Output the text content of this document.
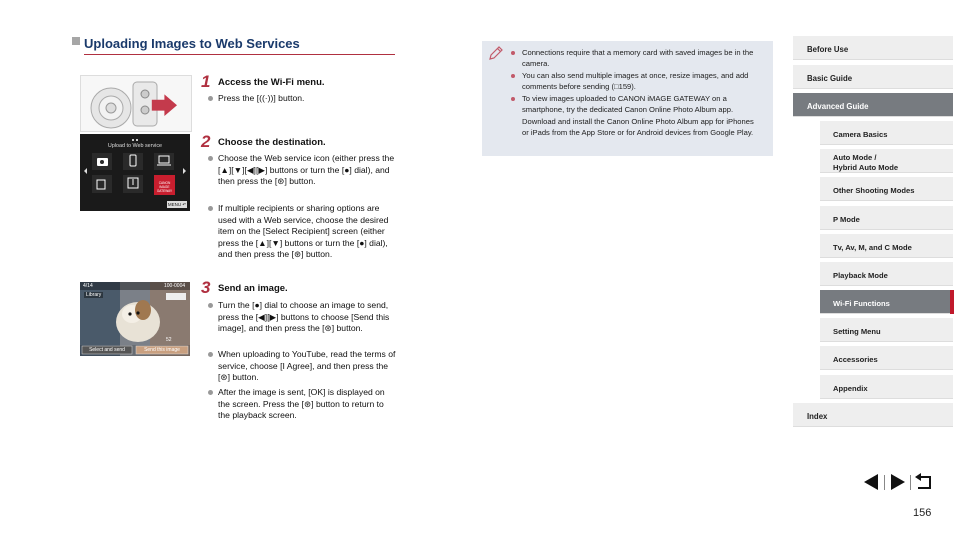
Uploading Images to Web Services
Upload to Web service
CANON iMAGE GATEWAY
MENU ↶
4/14	100-0004
Library
52
Select and send	Send this image
1 Access the Wi-Fi menu.
Press the [((·))] button.
2 Choose the destination.
Choose the Web service icon (either press the [▲][▼][◀][▶] buttons or turn the [●] dial), and then press the [⊛] button.
If multiple recipients or sharing options are used with a Web service, choose the desired item on the [Select Recipient] screen (either press the [▲][▼] buttons or turn the [●] dial), and then press the [⊛] button.
3 Send an image.
Turn the [●] dial to choose an image to send, press the [◀][▶] buttons to choose [Send this image], and then press the [⊛] button.
When uploading to YouTube, read the terms of service, choose [I Agree], and then press the [⊛] button.
After the image is sent, [OK] is displayed on the screen. Press the [⊛] button to return to the playback screen.
Connections require that a memory card with saved images be in the camera.
You can also send multiple images at once, resize images, and add comments before sending (□159).
To view images uploaded to CANON iMAGE GATEWAY on a smartphone, try the dedicated Canon Online Photo Album app. Download and install the Canon Online Photo Album app for iPhones or iPads from the App Store or for Android devices from Google Play.
Before Use
Basic Guide
Advanced Guide
Camera Basics
Auto Mode /
Hybrid Auto Mode
Other Shooting Modes
P Mode
Tv, Av, M, and C Mode
Playback Mode
Wi-Fi Functions
Setting Menu
Accessories
Appendix
Index
156
